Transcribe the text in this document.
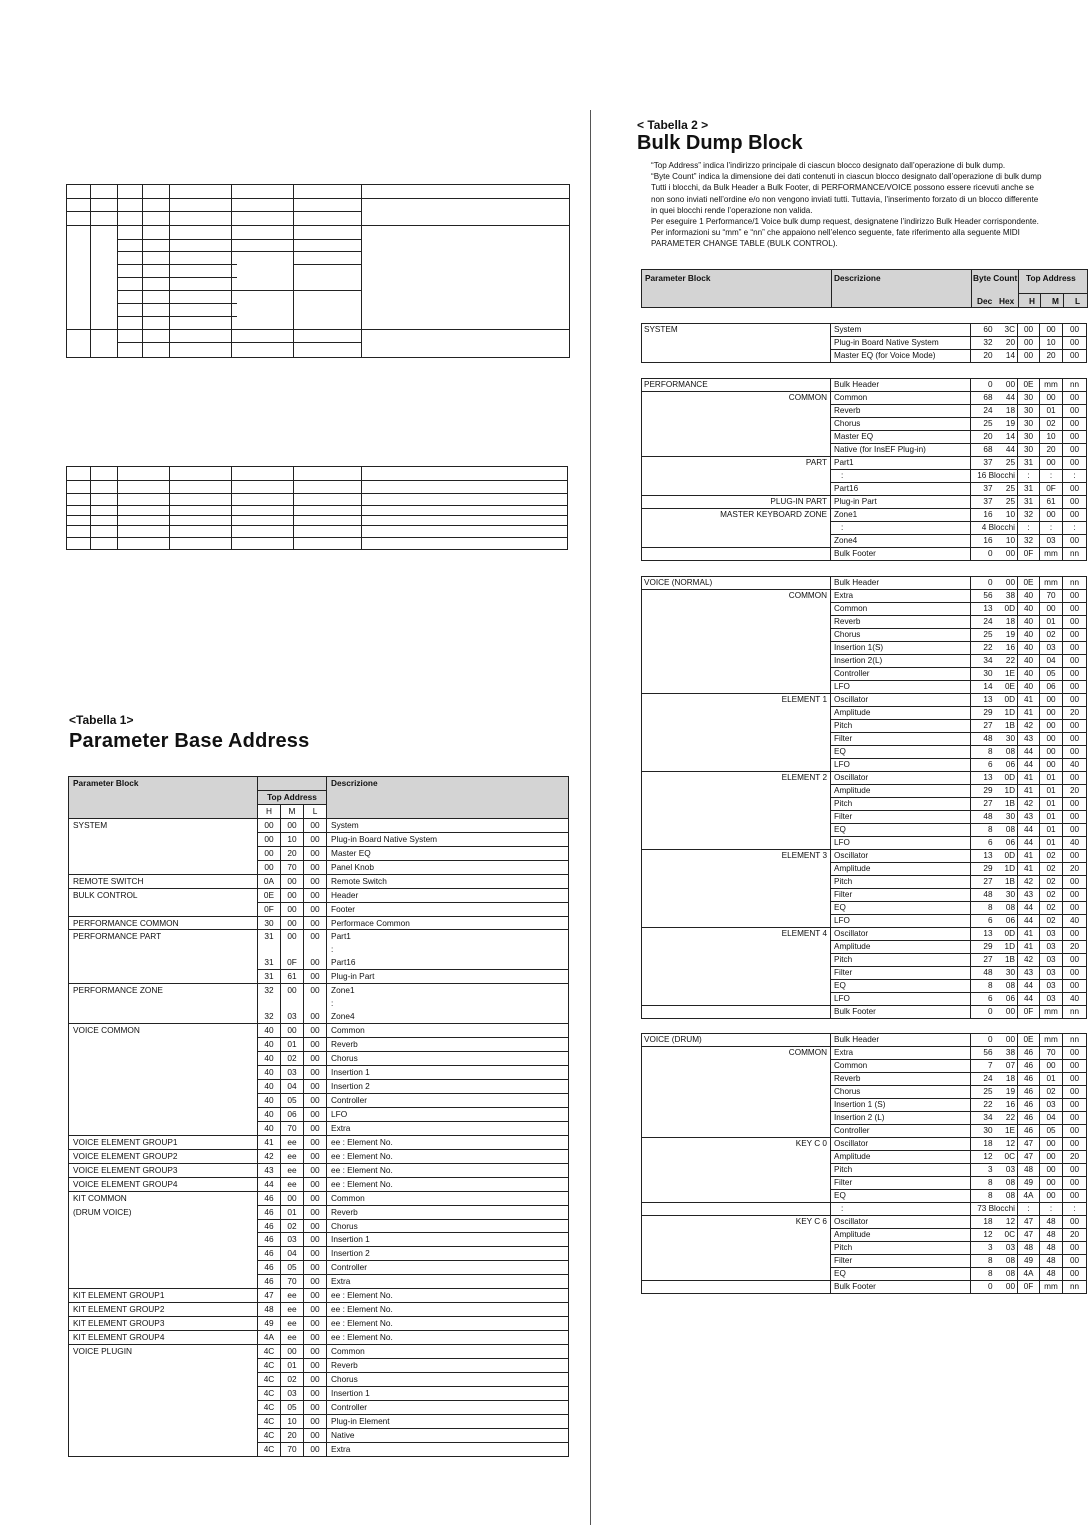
<Tabella 1>
Parameter Base Address
Parameter Block				Descrizione
	Top Address			
	H	M	L	
SYSTEM	00	00	00	System
	00	10	00	Plug-in Board Native System
	00	20	00	Master EQ
	00	70	00	Panel Knob
REMOTE SWITCH	0A	00	00	Remote Switch
BULK CONTROL	0E	00	00	Header
	0F	00	00	Footer
PERFORMANCE COMMON	30	00	00	Performace Common
PERFORMANCE PART	31	00	00	Part1
				:
	31	0F	00	Part16
	31	61	00	Plug-in Part
PERFORMANCE ZONE	32	00	00	Zone1
				:
	32	03	00	Zone4
VOICE COMMON	40	00	00	Common
	40	01	00	Reverb
	40	02	00	Chorus
	40	03	00	Insertion 1
	40	04	00	Insertion 2
	40	05	00	Controller
	40	06	00	LFO
	40	70	00	Extra
VOICE ELEMENT GROUP1	41	ee	00	ee : Element No.
VOICE ELEMENT GROUP2	42	ee	00	ee : Element No.
VOICE ELEMENT GROUP3	43	ee	00	ee : Element No.
VOICE ELEMENT GROUP4	44	ee	00	ee : Element No.
KIT COMMON	46	00	00	Common
(DRUM VOICE)	46	01	00	Reverb
	46	02	00	Chorus
	46	03	00	Insertion 1
	46	04	00	Insertion 2
	46	05	00	Controller
	46	70	00	Extra
KIT ELEMENT GROUP1	47	ee	00	ee : Element No.
KIT ELEMENT GROUP2	48	ee	00	ee : Element No.
KIT ELEMENT GROUP3	49	ee	00	ee : Element No.
KIT ELEMENT GROUP4	4A	ee	00	ee : Element No.
VOICE PLUGIN	4C	00	00	Common
	4C	01	00	Reverb
	4C	02	00	Chorus
	4C	03	00	Insertion 1
	4C	05	00	Controller
	4C	10	00	Plug-in Element
	4C	20	00	Native
	4C	70	00	Extra
< Tabella 2 >
Bulk Dump Block
“Top Address” indica l’indirizzo principale di ciascun blocco designato dall’operazione di bulk dump.
“Byte Count” indica la dimensione dei dati contenuti in ciascun blocco designato dall’operazione di bulk dump
Tutti i blocchi, da Bulk Header a Bulk Footer, di PERFORMANCE/VOICE possono essere ricevuti anche se
non sono inviati nell’ordine e/o non vengono inviati tutti. Tuttavia, l’inserimento forzato di un blocco differente
in quei blocchi rende l’operazione non valida.
Per eseguire 1 Performance/1 Voice bulk dump request, designatene l’indirizzo Bulk Header corrispondente.
Per informazioni su “mm” e “nn” che appaiono nell’elenco seguente, fate riferimento alla seguente MIDI
PARAMETER CHANGE TABLE (BULK CONTROL).
Parameter Block	Descrizione	Byte Count Top Address
Dec Hex H M L
SYSTEM	System	60	3C	00	00	00
	Plug-in Board Native System	32	20	00	10	00
	Master EQ (for Voice Mode)	20	14	00	20	00
PERFORMANCE	Bulk Header	0	00	0E	mm	nn
COMMON	Common	68	44	30	00	00
	Reverb	24	18	30	01	00
	Chorus	25	19	30	02	00
	Master EQ	20	14	30	10	00
	Native (for InsEF Plug-in)	68	44	30	20	00
PART	Part1	37	25	31	00	00
	:	16 Blocchi		:	:	:
	Part16	37	25	31	0F	00
PLUG-IN PART	Plug-in Part	37	25	31	61	00
MASTER KEYBOARD ZONE	Zone1	16	10	32	00	00
	:	4 Blocchi		:	:	:
	Zone4	16	10	32	03	00
	Bulk Footer	0	00	0F	mm	nn
VOICE (NORMAL)	Bulk Header	0	00	0E	mm	nn
COMMON	Extra	56	38	40	70	00
	Common	13	0D	40	00	00
	Reverb	24	18	40	01	00
	Chorus	25	19	40	02	00
	Insertion 1(S)	22	16	40	03	00
	Insertion 2(L)	34	22	40	04	00
	Controller	30	1E	40	05	00
	LFO	14	0E	40	06	00
ELEMENT 1	Oscillator	13	0D	41	00	00
	Amplitude	29	1D	41	00	20
	Pitch	27	1B	42	00	00
	Filter	48	30	43	00	00
	EQ	8	08	44	00	00
	LFO	6	06	44	00	40
ELEMENT 2	Oscillator	13	0D	41	01	00
	Amplitude	29	1D	41	01	20
	Pitch	27	1B	42	01	00
	Filter	48	30	43	01	00
	EQ	8	08	44	01	00
	LFO	6	06	44	01	40
ELEMENT 3	Oscillator	13	0D	41	02	00
	Amplitude	29	1D	41	02	20
	Pitch	27	1B	42	02	00
	Filter	48	30	43	02	00
	EQ	8	08	44	02	00
	LFO	6	06	44	02	40
ELEMENT 4	Oscillator	13	0D	41	03	00
	Amplitude	29	1D	41	03	20
	Pitch	27	1B	42	03	00
	Filter	48	30	43	03	00
	EQ	8	08	44	03	00
	LFO	6	06	44	03	40
	Bulk Footer	0	00	0F	mm	nn
VOICE (DRUM)	Bulk Header	0	00	0E	mm	nn
COMMON	Extra	56	38	46	70	00
	Common	7	07	46	00	00
	Reverb	24	18	46	01	00
	Chorus	25	19	46	02	00
	Insertion 1 (S)	22	16	46	03	00
	Insertion 2 (L)	34	22	46	04	00
	Controller	30	1E	46	05	00
KEY C 0	Oscillator	18	12	47	00	00
	Amplitude	12	0C	47	00	20
	Pitch	3	03	48	00	00
	Filter	8	08	49	00	00
	EQ	8	08	4A	00	00
	:	73 Blocchi		:	:	:
KEY C 6	Oscillator	18	12	47	48	00
	Amplitude	12	0C	47	48	20
	Pitch	3	03	48	48	00
	Filter	8	08	49	48	00
	EQ	8	08	4A	48	00
	Bulk Footer	0	00	0F	mm	nn
